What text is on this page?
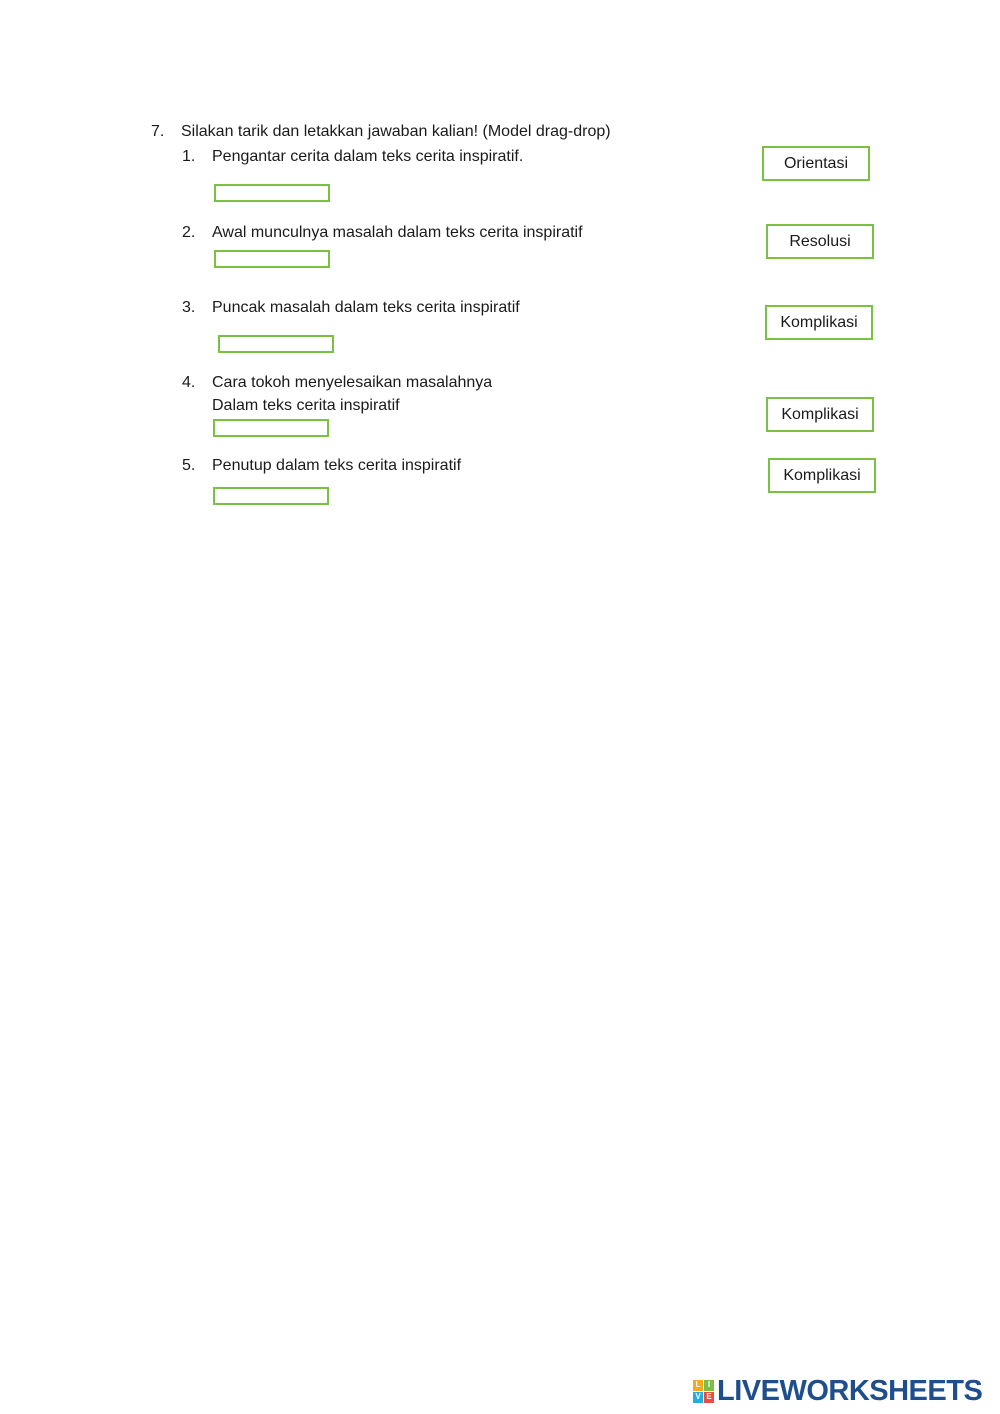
7. Silakan tarik dan letakkan jawaban kalian! (Model drag-drop)
1. Pengantar cerita dalam teks cerita inspiratif.
2. Awal munculnya masalah dalam teks cerita inspiratif
3. Puncak masalah dalam teks cerita inspiratif
4. Cara tokoh menyelesaikan masalahnya
Dalam teks cerita inspiratif
5. Penutup dalam teks cerita inspiratif
Orientasi
Resolusi
Komplikasi
Komplikasi
Komplikasi
L I
V E LIVEWORKSHEETS
